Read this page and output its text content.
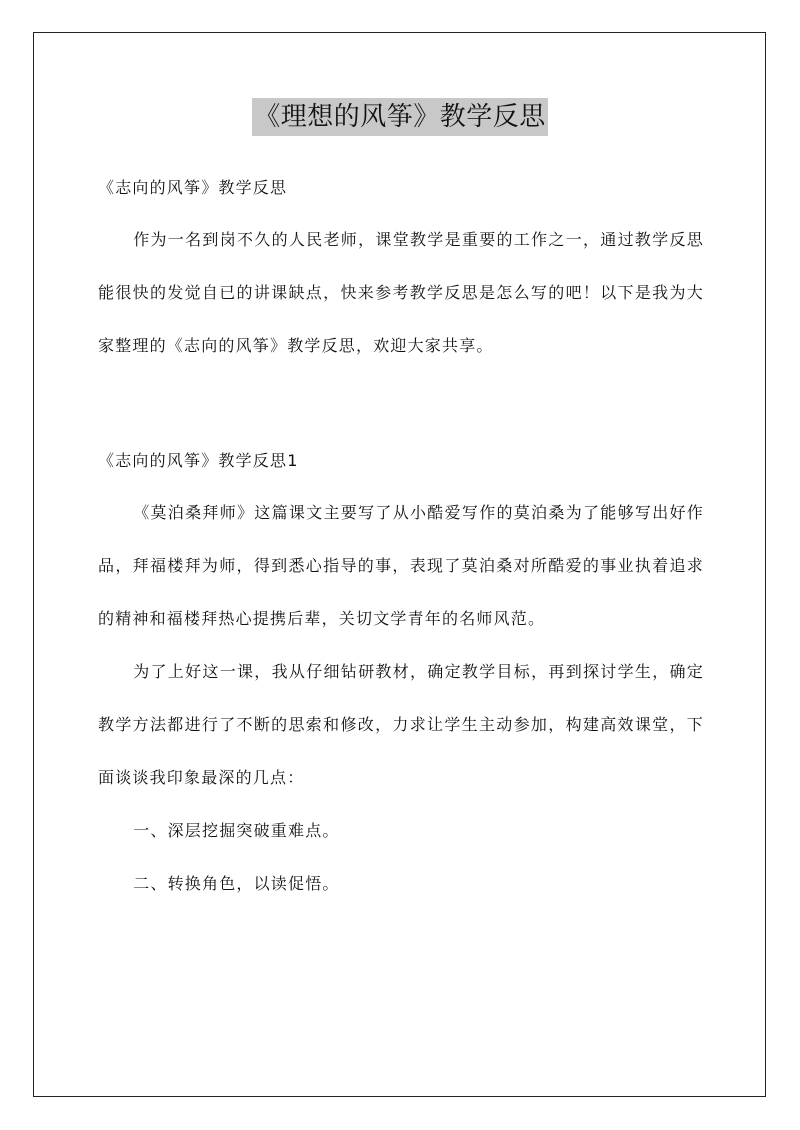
《理想的风筝》教学反思

《志向的风筝》教学反思

作为一名到岗不久的人民老师，课堂教学是重要的工作之一，通过教学反思能很快的发觉自已的讲课缺点，快来参考教学反思是怎么写的吧！以下是我为大家整理的《志向的风筝》教学反思，欢迎大家共享。

《志向的风筝》教学反思1

《莫泊桑拜师》这篇课文主要写了从小酷爱写作的莫泊桑为了能够写出好作品，拜福楼拜为师，得到悉心指导的事，表现了莫泊桑对所酷爱的事业执着追求的精神和福楼拜热心提携后辈，关切文学青年的名师风范。

为了上好这一课，我从仔细钻研教材，确定教学目标，再到探讨学生，确定教学方法都进行了不断的思索和修改，力求让学生主动参加，构建高效课堂，下面谈谈我印象最深的几点：

一、深层挖掘突破重难点。

二、转换角色，以读促悟。
